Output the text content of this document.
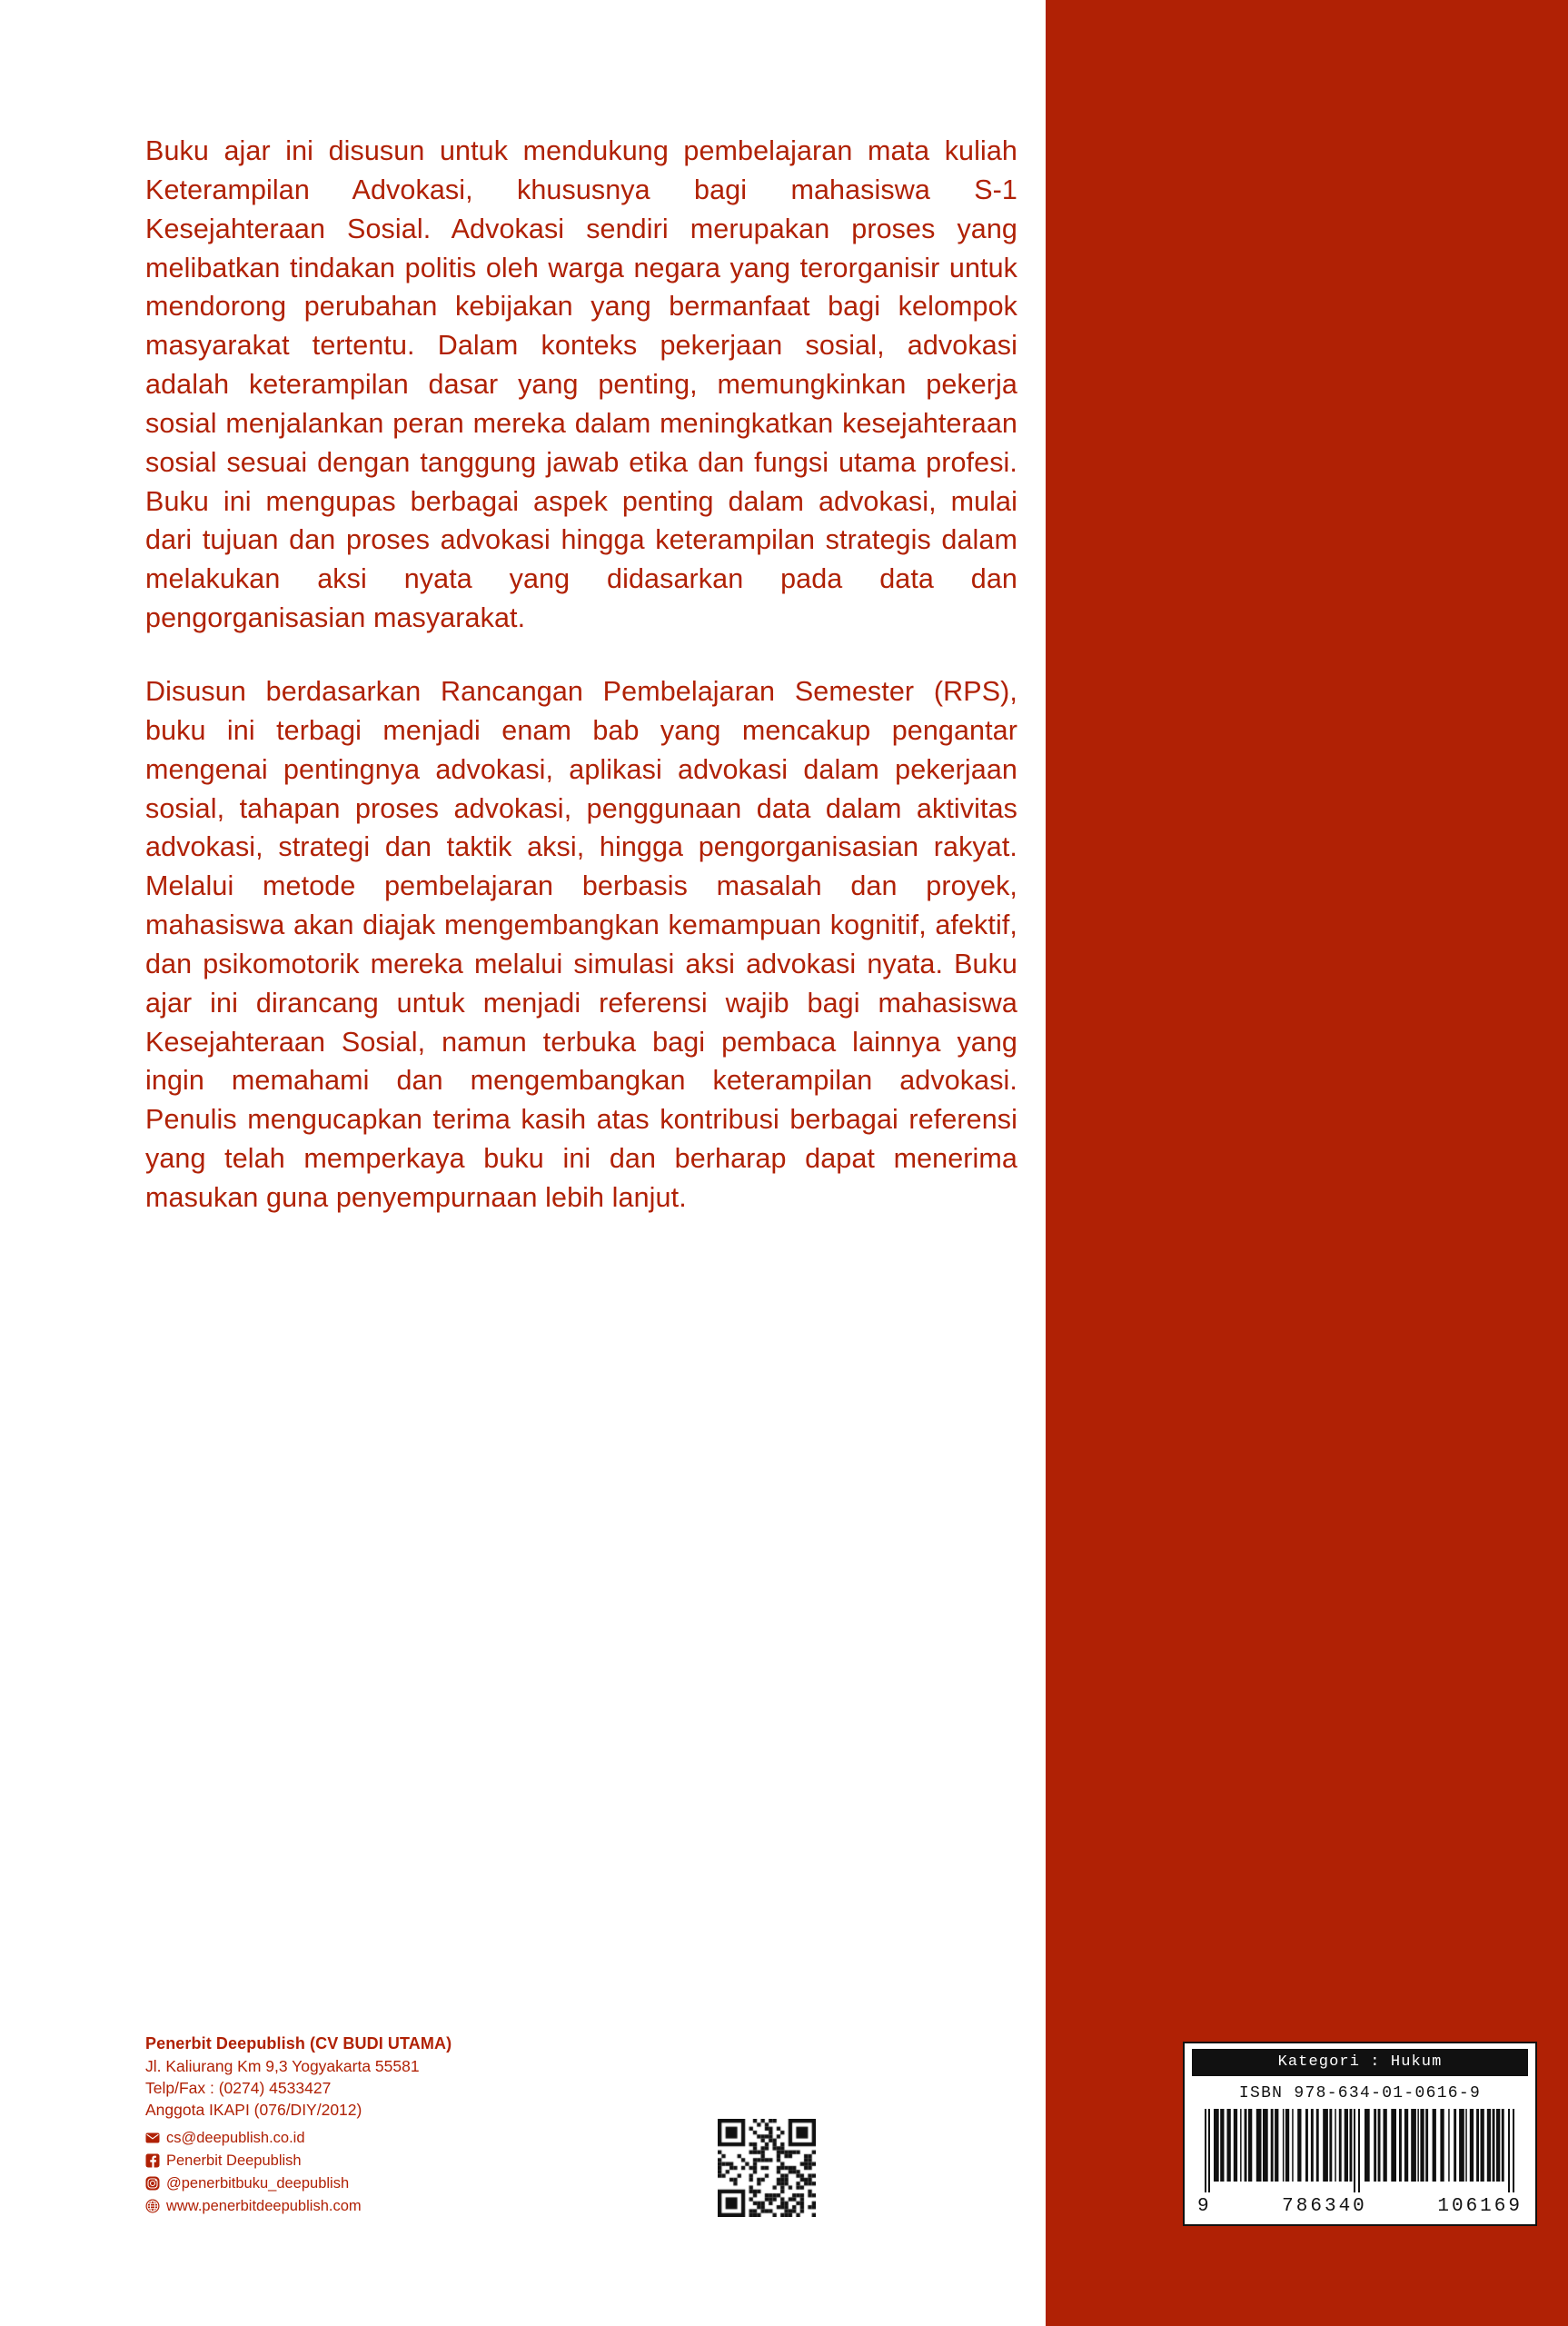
Buku ajar ini disusun untuk mendukung pembelajaran mata kuliah Keterampilan Advokasi, khususnya bagi mahasiswa S-1 Kesejahteraan Sosial. Advokasi sendiri merupakan proses yang melibatkan tindakan politis oleh warga negara yang terorganisir untuk mendorong perubahan kebijakan yang bermanfaat bagi kelompok masyarakat tertentu. Dalam konteks pekerjaan sosial, advokasi adalah keterampilan dasar yang penting, memungkinkan pekerja sosial menjalankan peran mereka dalam meningkatkan kesejahteraan sosial sesuai dengan tanggung jawab etika dan fungsi utama profesi. Buku ini mengupas berbagai aspek penting dalam advokasi, mulai dari tujuan dan proses advokasi hingga keterampilan strategis dalam melakukan aksi nyata yang didasarkan pada data dan pengorganisasian masyarakat.

Disusun berdasarkan Rancangan Pembelajaran Semester (RPS), buku ini terbagi menjadi enam bab yang mencakup pengantar mengenai pentingnya advokasi, aplikasi advokasi dalam pekerjaan sosial, tahapan proses advokasi, penggunaan data dalam aktivitas advokasi, strategi dan taktik aksi, hingga pengorganisasian rakyat. Melalui metode pembelajaran berbasis masalah dan proyek, mahasiswa akan diajak mengembangkan kemampuan kognitif, afektif, dan psikomotorik mereka melalui simulasi aksi advokasi nyata. Buku ajar ini dirancang untuk menjadi referensi wajib bagi mahasiswa Kesejahteraan Sosial, namun terbuka bagi pembaca lainnya yang ingin memahami dan mengembangkan keterampilan advokasi. Penulis mengucapkan terima kasih atas kontribusi berbagai referensi yang telah memperkaya buku ini dan berharap dapat menerima masukan guna penyempurnaan lebih lanjut.

Penerbit Deepublish (CV BUDI UTAMA)
Jl. Kaliurang Km 9,3 Yogyakarta 55581
Telp/Fax : (0274) 4533427
Anggota IKAPI (076/DIY/2012)
cs@deepublish.co.id
Penerbit Deepublish
@penerbitbuku_deepublish
www.penerbitdeepublish.com
Kategori : Hukum
ISBN 978-634-01-0616-9
9	786340	106169
